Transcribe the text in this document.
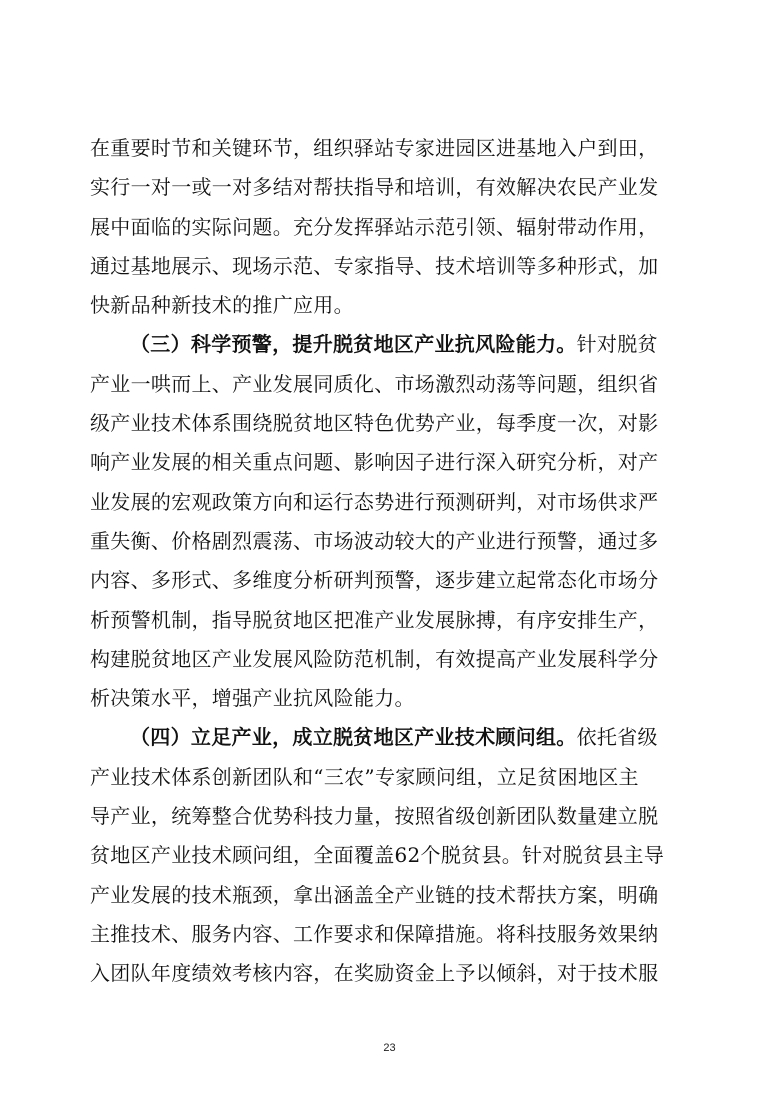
在重要时节和关键环节，组织驿站专家进园区进基地入户到田，
实行一对一或一对多结对帮扶指导和培训，有效解决农民产业发
展中面临的实际问题。充分发挥驿站示范引领、辐射带动作用，
通过基地展示、现场示范、专家指导、技术培训等多种形式，加
快新品种新技术的推广应用。
（三）科学预警，提升脱贫地区产业抗风险能力。针对脱贫
产业一哄而上、产业发展同质化、市场激烈动荡等问题，组织省
级产业技术体系围绕脱贫地区特色优势产业，每季度一次，对影
响产业发展的相关重点问题、影响因子进行深入研究分析，对产
业发展的宏观政策方向和运行态势进行预测研判，对市场供求严
重失衡、价格剧烈震荡、市场波动较大的产业进行预警，通过多
内容、多形式、多维度分析研判预警，逐步建立起常态化市场分
析预警机制，指导脱贫地区把准产业发展脉搏，有序安排生产，
构建脱贫地区产业发展风险防范机制，有效提高产业发展科学分
析决策水平，增强产业抗风险能力。
（四）立足产业，成立脱贫地区产业技术顾问组。依托省级
产业技术体系创新团队和“三农”专家顾问组，立足贫困地区主
导产业，统筹整合优势科技力量，按照省级创新团队数量建立脱
贫地区产业技术顾问组，全面覆盖62个脱贫县。针对脱贫县主导
产业发展的技术瓶颈，拿出涵盖全产业链的技术帮扶方案，明确
主推技术、服务内容、工作要求和保障措施。将科技服务效果纳
入团队年度绩效考核内容，在奖励资金上予以倾斜，对于技术服
23
